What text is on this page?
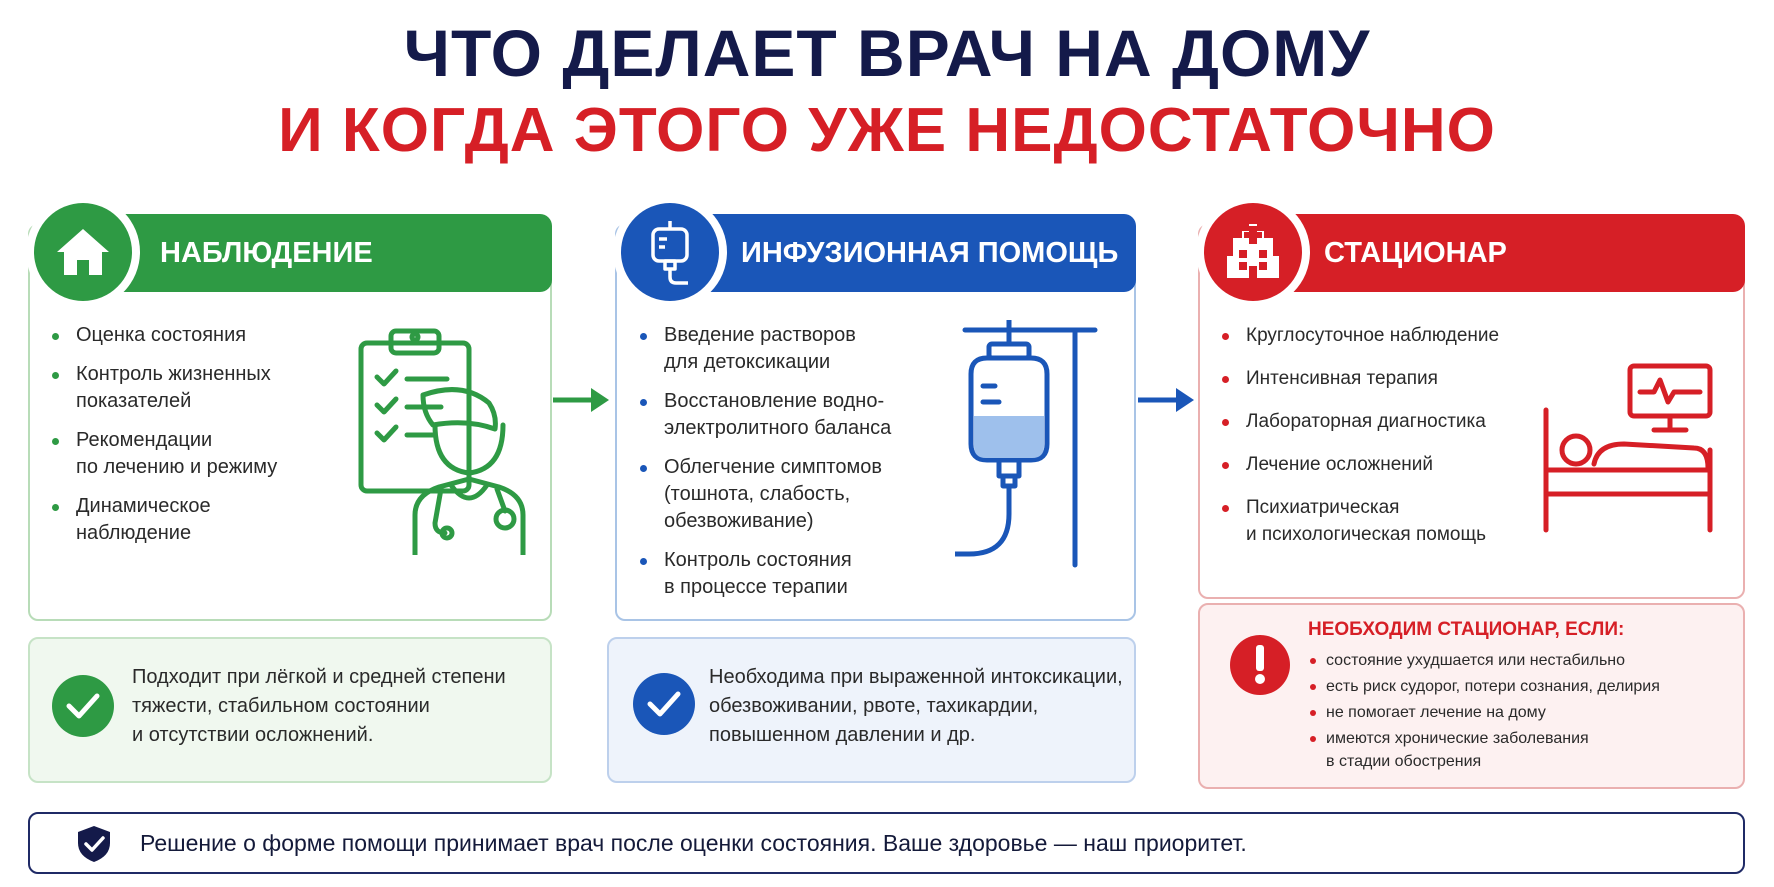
ЧТО ДЕЛАЕТ ВРАЧ НА ДОМУ
И КОГДА ЭТОГО УЖЕ НЕДОСТАТОЧНО
НАБЛЮДЕНИЕ
Оценка состояния
Контроль жизненных
показателей
Рекомендации
по лечению и режиму
Динамическое
наблюдение
ИНФУЗИОННАЯ ПОМОЩЬ
Введение растворов
для детоксикации
Восстановление водно-
электролитного баланса
Облегчение симптомов
(тошнота, слабость,
обезвоживание)
Контроль состояния
в процессе терапии
СТАЦИОНАР
Круглосуточное наблюдение
Интенсивная терапия
Лабораторная диагностика
Лечение осложнений
Психиатрическая
и психологическая помощь
Подходит при лёгкой и средней степени
тяжести, стабильном состоянии
и отсутствии осложнений.
Необходима при выраженной интоксикации,
обезвоживании, рвоте, тахикардии,
повышенном давлении и др.
НЕОБХОДИМ СТАЦИОНАР, ЕСЛИ:
состояние ухудшается или нестабильно
есть риск судорог, потери сознания, делирия
не помогает лечение на дому
имеются хронические заболевания
в стадии обострения
Решение о форме помощи принимает врач после оценки состояния. Ваше здоровье — наш приоритет.
